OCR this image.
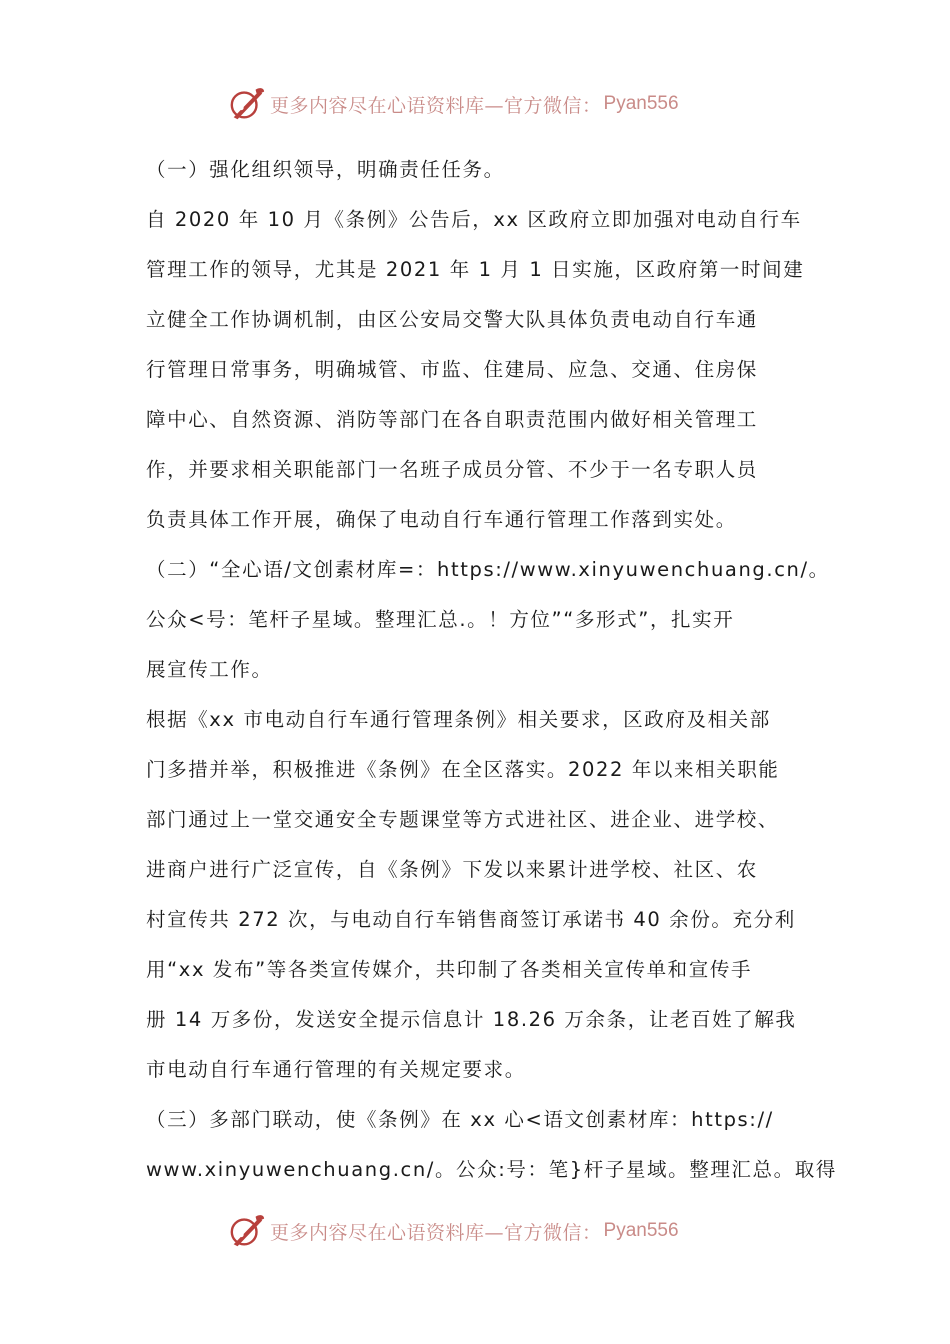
更多内容尽在心语资料库—官方微信： Pyan556
（一）强化组织领导，明确责任任务。
自 2020 年 10 月《条例》公告后，xx 区政府立即加强对电动自行车
管理工作的领导，尤其是 2021 年 1 月 1 日实施，区政府第一时间建
立健全工作协调机制，由区公安局交警大队具体负责电动自行车通
行管理日常事务，明确城管、市监、住建局、应急、交通、住房保
障中心、自然资源、消防等部门在各自职责范围内做好相关管理工
作，并要求相关职能部门一名班子成员分管、不少于一名专职人员
负责具体工作开展，确保了电动自行车通行管理工作落到实处。
（二）“全心语/文创素材库=：https://www.xinyuwenchuang.cn/。
公众<号：笔杆子星域。整理汇总.。！方位”“多形式”，扎实开
展宣传工作。
根据《xx 市电动自行车通行管理条例》相关要求，区政府及相关部
门多措并举，积极推进《条例》在全区落实。2022 年以来相关职能
部门通过上一堂交通安全专题课堂等方式进社区、进企业、进学校、
进商户进行广泛宣传，自《条例》下发以来累计进学校、社区、农
村宣传共 272 次，与电动自行车销售商签订承诺书 40 余份。充分利
用“xx 发布”等各类宣传媒介，共印制了各类相关宣传单和宣传手
册 14 万多份，发送安全提示信息计 18.26 万余条，让老百姓了解我
市电动自行车通行管理的有关规定要求。
（三）多部门联动，使《条例》在 xx 心<语文创素材库：https://
www.xinyuwenchuang.cn/。公众:号：笔}杆子星域。整理汇总。取得
更多内容尽在心语资料库—官方微信： Pyan556
